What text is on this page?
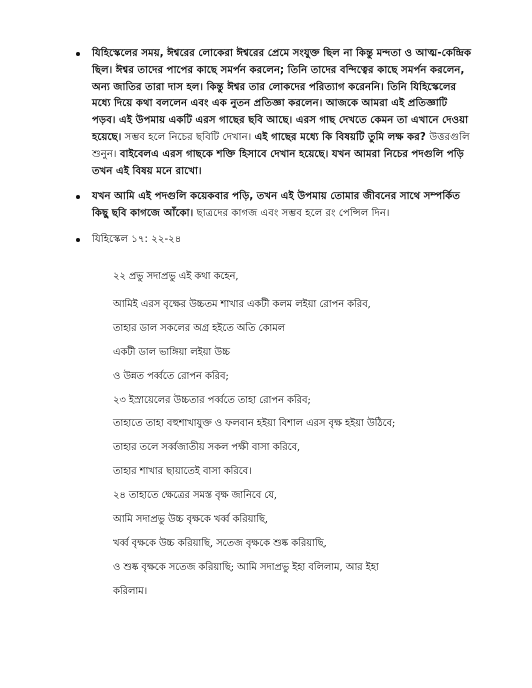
যিহিস্কেলের সময়, ঈশ্বরের লোকেরা ঈশ্বরের প্রেমে সংযুক্ত ছিল না কিন্তু মন্দতা ও আত্ম-কেন্দ্রিক ছিল। ঈশ্বর তাদের পাপের কাছে সমর্পন করলেন; তিনি তাদের বন্দিত্বের কাছে সমর্পন করলেন, অন্য জাতির তারা দাস হল। কিন্তু ঈশ্বর তার লোকদের পরিত্যাগ করেননি। তিনি যিহিস্কেলের মধ্যে দিয়ে কথা বললেন এবং এক নুতন প্রতিজ্ঞা করলেন। আজকে আমরা এই প্রতিজ্ঞাটি পড়ব। এই উপমায় একটি এরস গাছের ছবি আছে। এরস গাছ দেখতে কেমন তা এখানে দেওয়া হয়েছে। সম্ভব হলে নিচের ছবিটি দেখান। এই গাছের মধ্যে কি বিষয়টি তুমি লক্ষ কর? উত্তরগুলি শুনুন। বাইবেলএ এরস গাছকে শক্তি হিসাবে দেখান হয়েছে। যখন আমরা নিচের পদগুলি পড়ি তখন এই বিষয় মনে রাখো।
যখন আমি এই পদগুলি কয়েকবার পড়ি, তখন এই উপমায় তোমার জীবনের সাথে সম্পর্কিত কিছু ছবি কাগজে আঁকো। ছাত্রদের কাগজ এবং সম্ভব হলে রং পেন্সিল দিন।
যিহিস্কেল ১৭: ২২-২৪
২২ প্রভু সদাপ্রভু এই কথা কহেন,
আমিই এরস বৃক্ষের উচ্চতম শাখার একটী কলম লইয়া রোপন করিব,
তাহার ডাল সকলের অগ্র হইতে অতি কোমল
একটী ডাল ভাঙ্গিয়া লইয়া উচ্চ
ও উন্নত পর্ব্বতে রোপন করিব;
২৩ ইস্রায়েলের উচ্চতার পর্ব্বতে তাহা রোপন করিব;
তাহাতে তাহা বহুশাখাযুক্ত ও ফলবান হইয়া বিশাল এরস বৃক্ষ হইয়া উঠিবে;
তাহার তলে সর্ব্বজাতীয় সকল পক্ষী বাসা করিবে,
তাহার শাখার ছায়াতেই বাসা করিবে।
২৪ তাহাতে ক্ষেত্রের সমস্ত বৃক্ষ জানিবে যে,
আমি সদাপ্রভু উচ্চ বৃক্ষকে খর্ব্ব করিয়াছি,
খর্ব্ব বৃক্ষকে উচ্চ করিয়াছি, সতেজ বৃক্ষকে শুষ্ক করিয়াছি,
ও শুষ্ক বৃক্ষকে সতেজ করিয়াছি; আমি সদাপ্রভু ইহা বলিলাম, আর ইহা
করিলাম।
